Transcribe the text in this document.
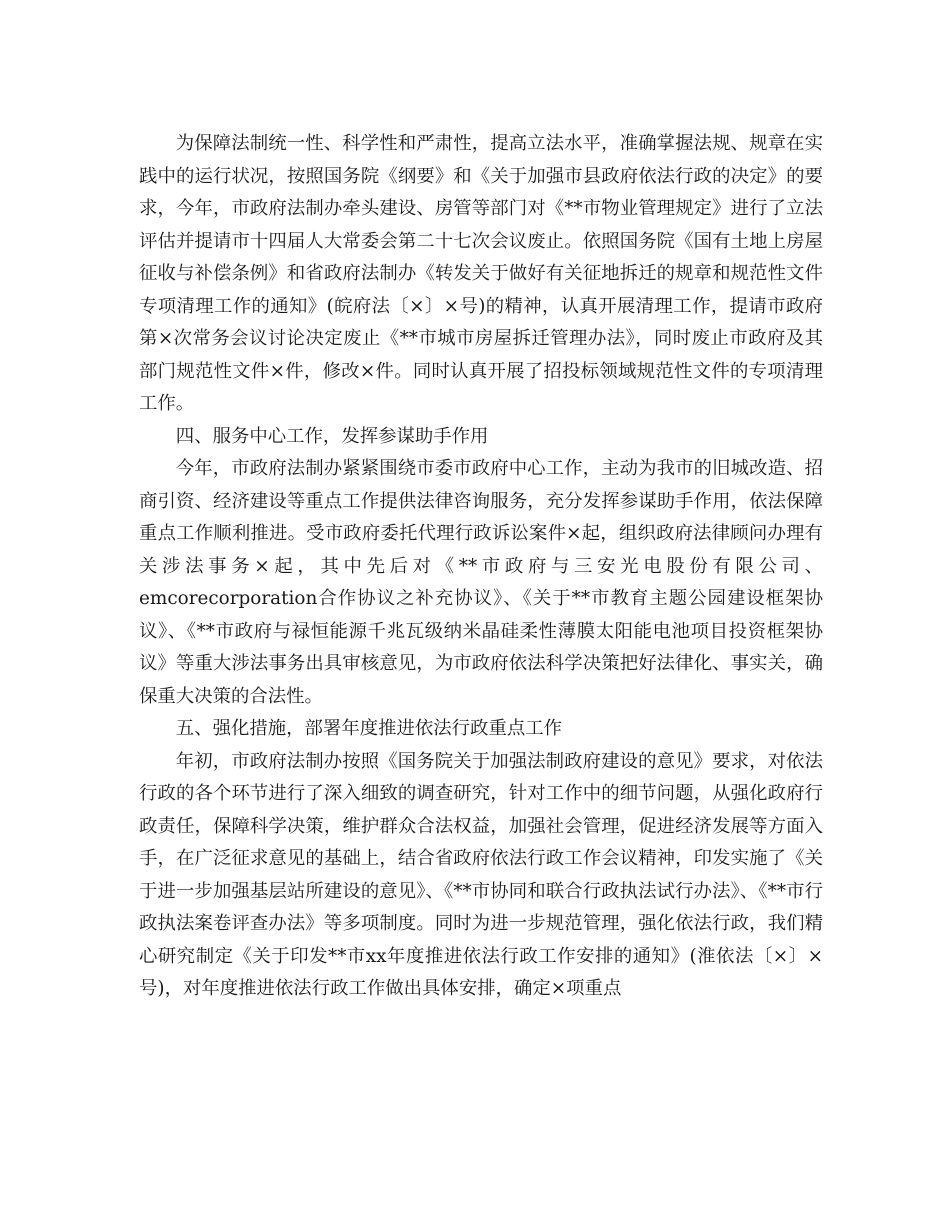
为保障法制统一性、科学性和严肃性，提高立法水平，准确掌握法规、规章在实践中的运行状况，按照国务院《纲要》和《关于加强市县政府依法行政的决定》的要求，今年，市政府法制办牵头建设、房管等部门对《**市物业管理规定》进行了立法评估并提请市十四届人大常委会第二十七次会议废止。依照国务院《国有土地上房屋征收与补偿条例》和省政府法制办《转发关于做好有关征地拆迁的规章和规范性文件专项清理工作的通知》(皖府法〔×〕×号)的精神，认真开展清理工作，提请市政府第×次常务会议讨论决定废止《**市城市房屋拆迁管理办法》，同时废止市政府及其部门规范性文件×件，修改×件。同时认真开展了招投标领域规范性文件的专项清理工作。

四、服务中心工作，发挥参谋助手作用

今年，市政府法制办紧紧围绕市委市政府中心工作，主动为我市的旧城改造、招商引资、经济建设等重点工作提供法律咨询服务，充分发挥参谋助手作用，依法保障重点工作顺利推进。受市政府委托代理行政诉讼案件×起，组织政府法律顾问办理有关涉法事务×起，其中先后对《**市政府与三安光电股份有限公司、emcorecorporation合作协议之补充协议》、《关于**市教育主题公园建设框架协议》、《**市政府与禄恒能源千兆瓦级纳米晶硅柔性薄膜太阳能电池项目投资框架协议》等重大涉法事务出具审核意见，为市政府依法科学决策把好法律化、事实关，确保重大决策的合法性。

五、强化措施，部署年度推进依法行政重点工作

年初，市政府法制办按照《国务院关于加强法制政府建设的意见》要求，对依法行政的各个环节进行了深入细致的调查研究，针对工作中的细节问题，从强化政府行政责任，保障科学决策，维护群众合法权益，加强社会管理，促进经济发展等方面入手，在广泛征求意见的基础上，结合省政府依法行政工作会议精神，印发实施了《关于进一步加强基层站所建设的意见》、《**市协同和联合行政执法试行办法》、《**市行政执法案卷评查办法》等多项制度。同时为进一步规范管理，强化依法行政，我们精心研究制定《关于印发**市xx年度推进依法行政工作安排的通知》(淮依法〔×〕×号)，对年度推进依法行政工作做出具体安排，确定×项重点
